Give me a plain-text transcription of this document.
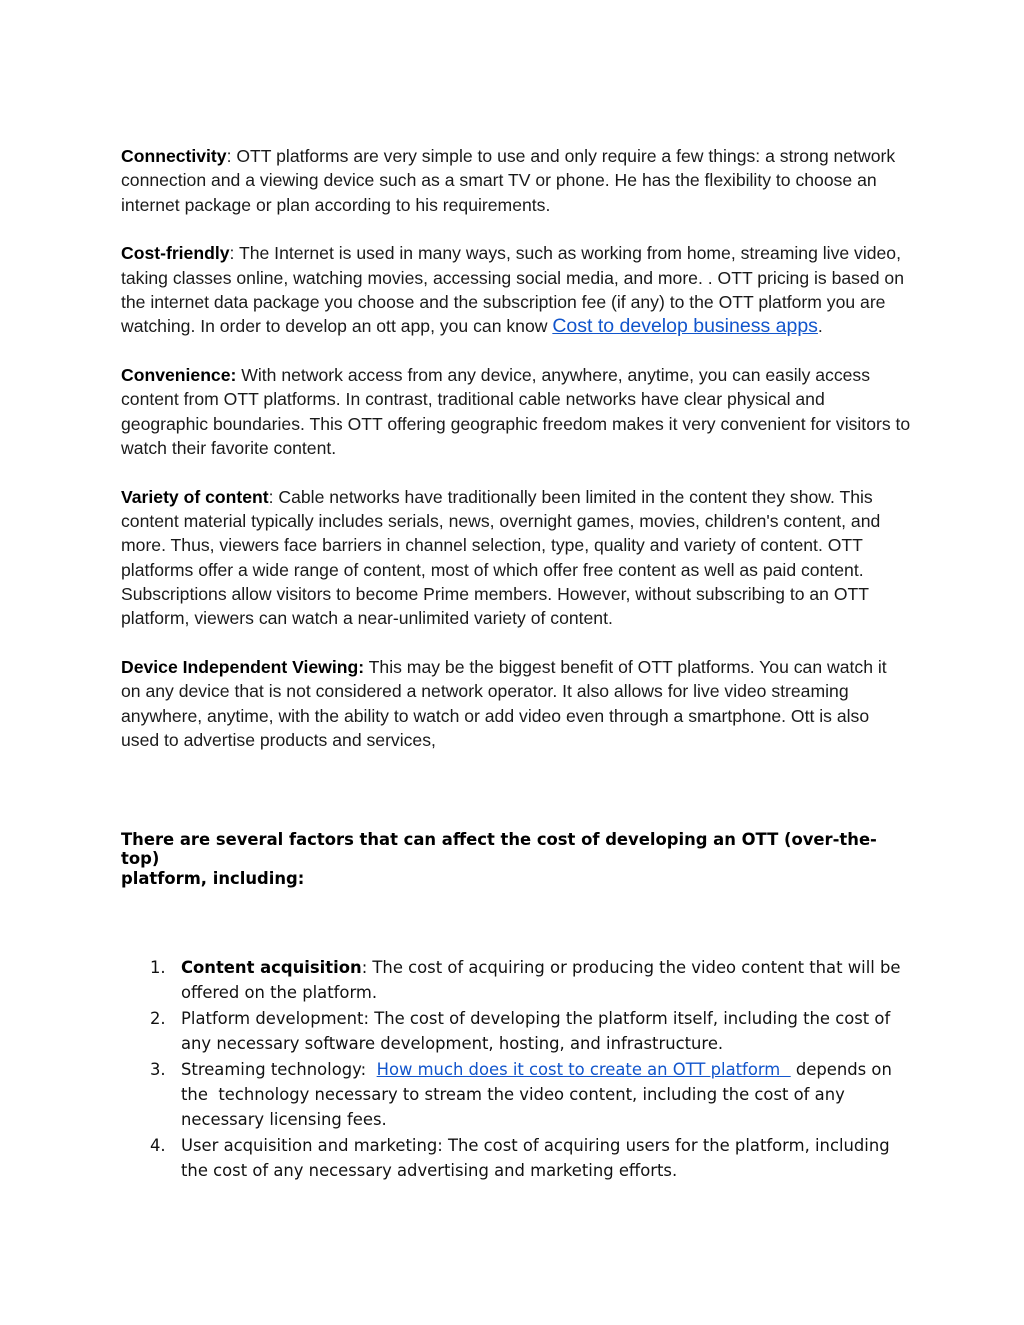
Connectivity: OTT platforms are very simple to use and only require a few things: a strong network connection and a viewing device such as a smart TV or phone. He has the flexibility to choose an internet package or plan according to his requirements.

Cost-friendly: The Internet is used in many ways, such as working from home, streaming live video, taking classes online, watching movies, accessing social media, and more. . OTT pricing is based on the internet data package you choose and the subscription fee (if any) to the OTT platform you are watching. In order to develop an ott app, you can know Cost to develop business apps.

Convenience: With network access from any device, anywhere, anytime, you can easily access content from OTT platforms. In contrast, traditional cable networks have clear physical and geographic boundaries. This OTT offering geographic freedom makes it very convenient for visitors to watch their favorite content.

Variety of content: Cable networks have traditionally been limited in the content they show. This content material typically includes serials, news, overnight games, movies, children's content, and more. Thus, viewers face barriers in channel selection, type, quality and variety of content. OTT platforms offer a wide range of content, most of which offer free content as well as paid content. Subscriptions allow visitors to become Prime members. However, without subscribing to an OTT platform, viewers can watch a near-unlimited variety of content.

Device Independent Viewing: This may be the biggest benefit of OTT platforms. You can watch it on any device that is not considered a network operator. It also allows for live video streaming anywhere, anytime, with the ability to watch or add video even through a smartphone. Ott is also used to advertise products and services,

There are several factors that can affect the cost of developing an OTT (over-the-top)

platform, including:

1. Content acquisition: The cost of acquiring or producing the video content that will be offered on the platform.
2. Platform development: The cost of developing the platform itself, including the cost of any necessary software development, hosting, and infrastructure.
3. Streaming technology:  How much does it cost to create an OTT platform   depends on the  technology necessary to stream the video content, including the cost of any necessary licensing fees.
4. User acquisition and marketing: The cost of acquiring users for the platform, including the cost of any necessary advertising and marketing efforts.
